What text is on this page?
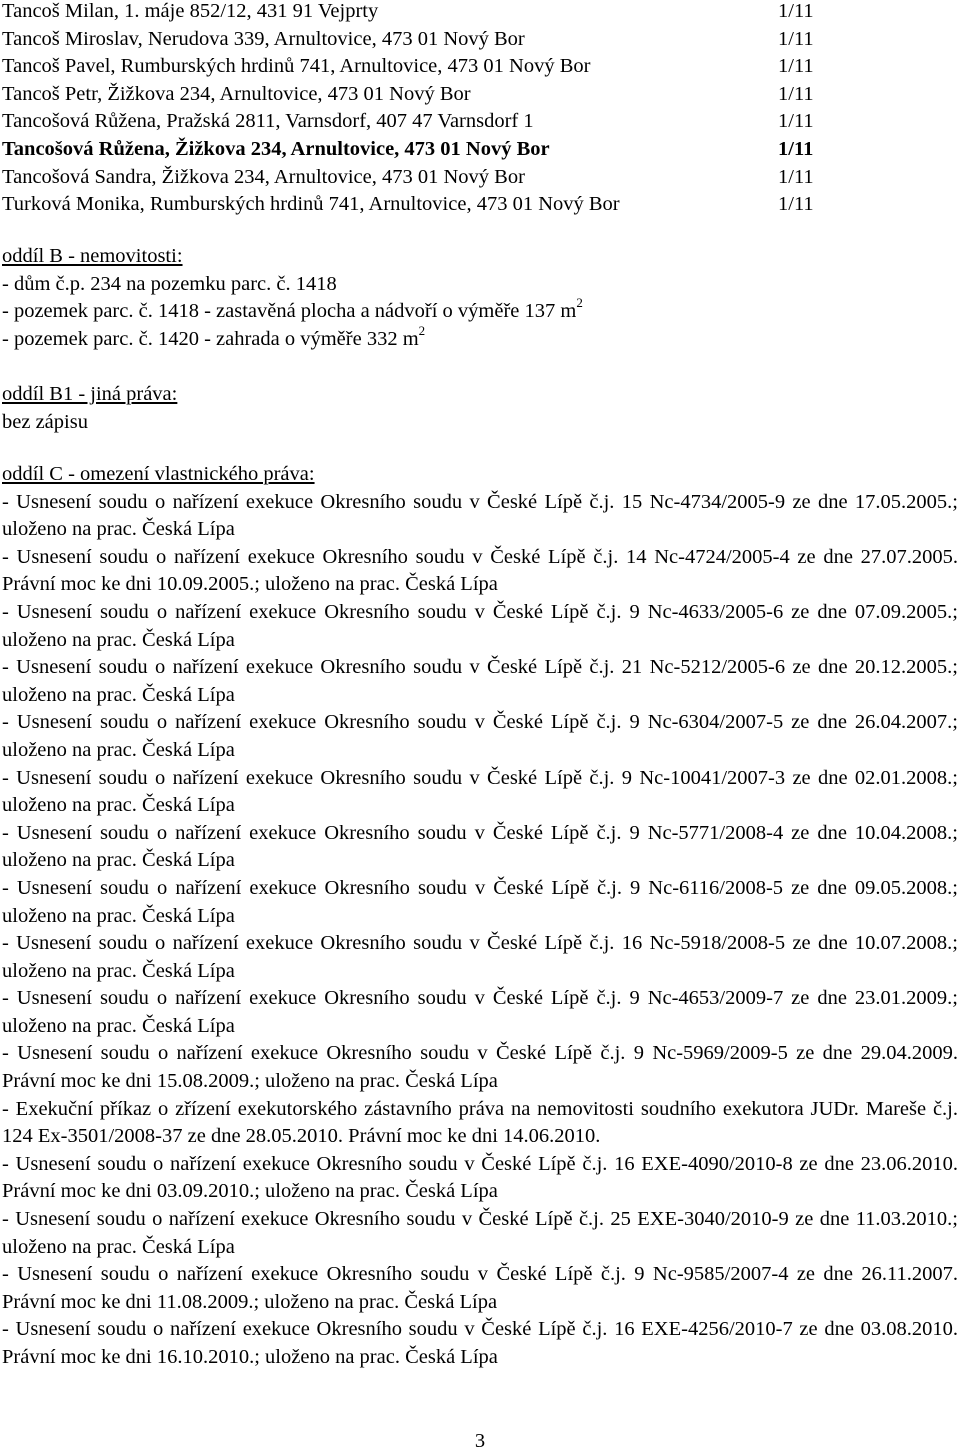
Tancoš Milan, 1. máje 852/12, 431 91 Vejprty	1/11
Tancoš Miroslav, Nerudova 339, Arnultovice, 473 01 Nový Bor	1/11
Tancoš Pavel, Rumburských hrdinů 741, Arnultovice, 473 01 Nový Bor	1/11
Tancoš Petr, Žižkova 234, Arnultovice, 473 01 Nový Bor	1/11
Tancošová Růžena, Pražská 2811, Varnsdorf, 407 47 Varnsdorf 1	1/11
Tancošová Růžena, Žižkova 234, Arnultovice, 473 01 Nový Bor	1/11
Tancošová Sandra, Žižkova 234, Arnultovice, 473 01 Nový Bor	1/11
Turková Monika, Rumburských hrdinů 741, Arnultovice, 473 01 Nový Bor	1/11
oddíl B - nemovitosti:
- dům č.p. 234 na pozemku parc. č. 1418
- pozemek parc. č. 1418 - zastavěná plocha a nádvoří o výměře 137 $m^2$
- pozemek parc. č. 1420 - zahrada o výměře 332 $m^2$
oddíl B1 - jiná práva:
bez zápisu
oddíl C - omezení vlastnického práva:
- Usnesení soudu o nařízení exekuce Okresního soudu v České Lípě č.j. 15 Nc-4734/2005-9 ze dne 17.05.2005.; uloženo na prac. Česká Lípa
- Usnesení soudu o nařízení exekuce Okresního soudu v České Lípě č.j. 14 Nc-4724/2005-4 ze dne 27.07.2005. Právní moc ke dni 10.09.2005.; uloženo na prac. Česká Lípa
- Usnesení soudu o nařízení exekuce Okresního soudu v České Lípě č.j. 9 Nc-4633/2005-6 ze dne 07.09.2005.; uloženo na prac. Česká Lípa
- Usnesení soudu o nařízení exekuce Okresního soudu v České Lípě č.j. 21 Nc-5212/2005-6 ze dne 20.12.2005.; uloženo na prac. Česká Lípa
- Usnesení soudu o nařízení exekuce Okresního soudu v České Lípě č.j. 9 Nc-6304/2007-5 ze dne 26.04.2007.; uloženo na prac. Česká Lípa
- Usnesení soudu o nařízení exekuce Okresního soudu v České Lípě č.j. 9 Nc-10041/2007-3 ze dne 02.01.2008.; uloženo na prac. Česká Lípa
- Usnesení soudu o nařízení exekuce Okresního soudu v České Lípě č.j. 9 Nc-5771/2008-4 ze dne 10.04.2008.; uloženo na prac. Česká Lípa
- Usnesení soudu o nařízení exekuce Okresního soudu v České Lípě č.j. 9 Nc-6116/2008-5 ze dne 09.05.2008.; uloženo na prac. Česká Lípa
- Usnesení soudu o nařízení exekuce Okresního soudu v České Lípě č.j. 16 Nc-5918/2008-5 ze dne 10.07.2008.; uloženo na prac. Česká Lípa
- Usnesení soudu o nařízení exekuce Okresního soudu v České Lípě č.j. 9 Nc-4653/2009-7 ze dne 23.01.2009.; uloženo na prac. Česká Lípa
- Usnesení soudu o nařízení exekuce Okresního soudu v České Lípě č.j. 9 Nc-5969/2009-5 ze dne 29.04.2009. Právní moc ke dni 15.08.2009.; uloženo na prac. Česká Lípa
- Exekuční příkaz o zřízení exekutorského zástavního práva na nemovitosti soudního exekutora JUDr. Mareše č.j. 124 Ex-3501/2008-37 ze dne 28.05.2010. Právní moc ke dni 14.06.2010.
- Usnesení soudu o nařízení exekuce Okresního soudu v České Lípě č.j. 16 EXE-4090/2010-8 ze dne 23.06.2010. Právní moc ke dni 03.09.2010.; uloženo na prac. Česká Lípa
- Usnesení soudu o nařízení exekuce Okresního soudu v České Lípě č.j. 25 EXE-3040/2010-9 ze dne 11.03.2010.; uloženo na prac. Česká Lípa
- Usnesení soudu o nařízení exekuce Okresního soudu v České Lípě č.j. 9 Nc-9585/2007-4 ze dne 26.11.2007. Právní moc ke dni 11.08.2009.; uloženo na prac. Česká Lípa
- Usnesení soudu o nařízení exekuce Okresního soudu v České Lípě č.j. 16 EXE-4256/2010-7 ze dne 03.08.2010. Právní moc ke dni 16.10.2010.; uloženo na prac. Česká Lípa
3
